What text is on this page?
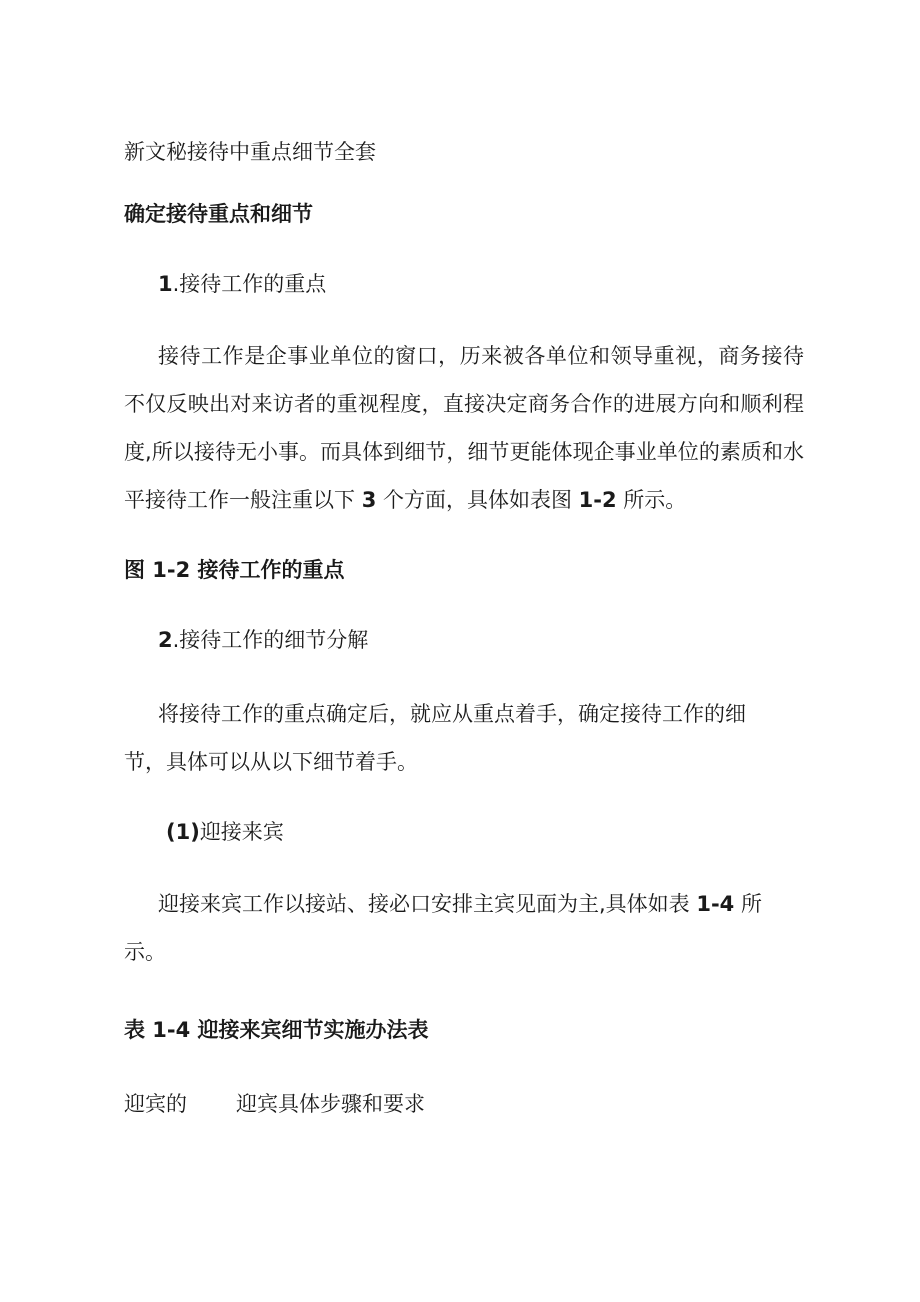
新文秘接待中重点细节全套
确定接待重点和细节
1.接待工作的重点
接待工作是企事业单位的窗口，历来被各单位和领导重视，商务接待不仅反映出对来访者的重视程度，直接决定商务合作的进展方向和顺利程度,所以接待无小事。而具体到细节，细节更能体现企事业单位的素质和水平接待工作一般注重以下 3 个方面，具体如表图 1-2 所示。
图 1-2 接待工作的重点
2.接待工作的细节分解
将接待工作的重点确定后，就应从重点着手，确定接待工作的细节，具体可以从以下细节着手。
(1)迎接来宾
迎接来宾工作以接站、接必口安排主宾见面为主,具体如表 1-4 所示。
表 1-4 迎接来宾细节实施办法表
迎宾的 迎宾具体步骤和要求
